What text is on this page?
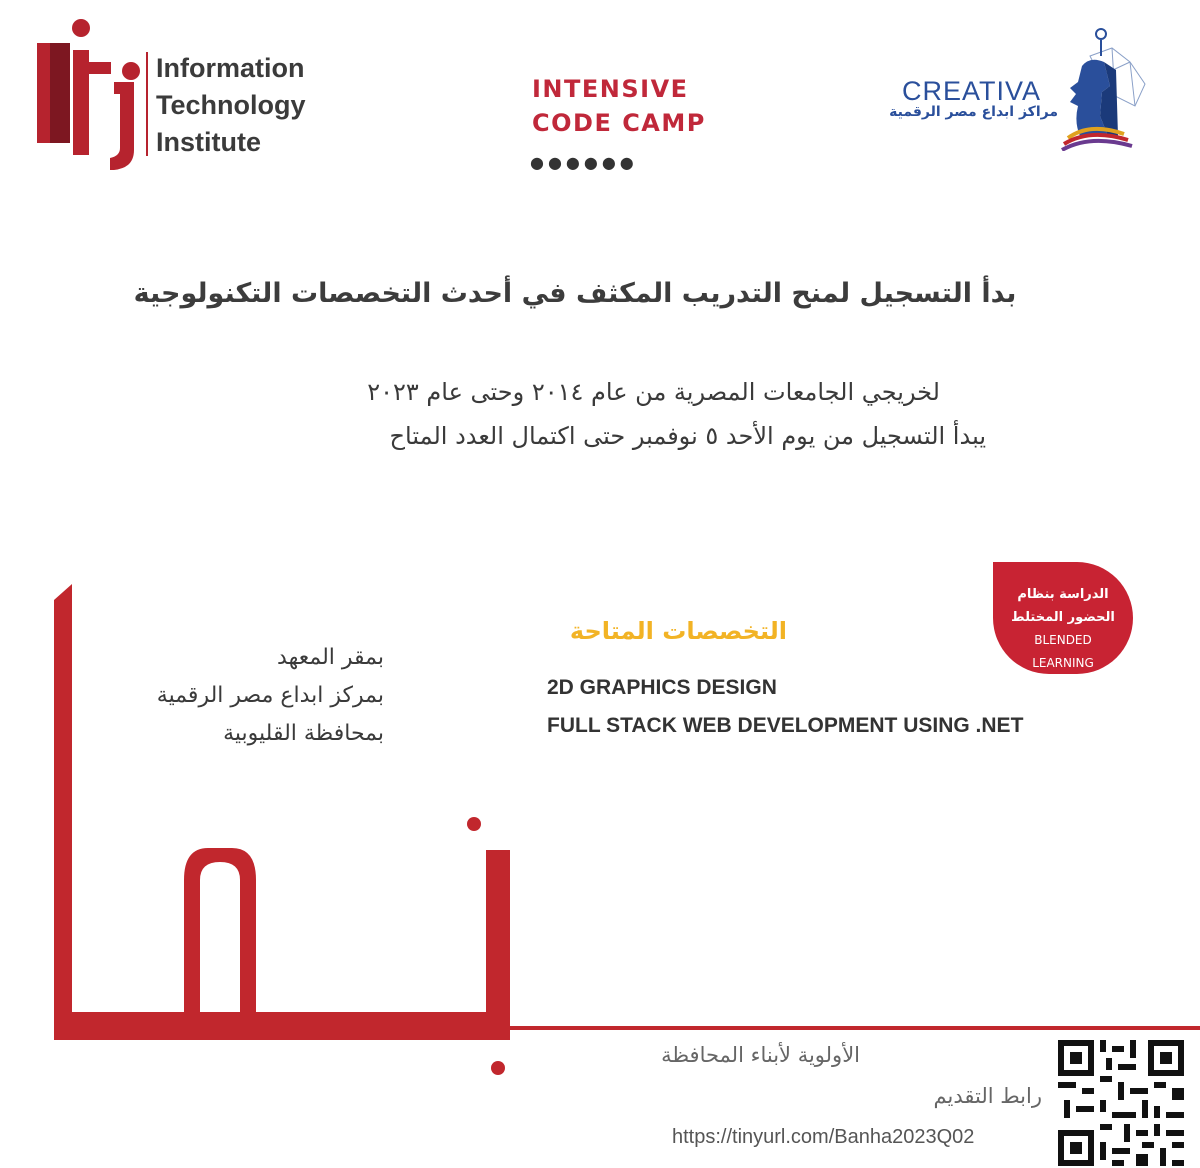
Information
Technology
Institute
INTENSIVE
CODE CAMP
●●●●●●
CREATIVA
مراكز ابداع مصر الرقمية
بدأ التسجيل لمنح التدريب المكثف في أحدث التخصصات التكنولوجية
لخريجي الجامعات المصرية من عام ٢٠١٤ وحتى عام ٢٠٢٣
يبدأ التسجيل من يوم الأحد ٥ نوفمبر حتى اكتمال العدد المتاح
الدراسة بنظام
الحضور المختلط
BLENDED
LEARNING
التخصصات المتاحة
2D GRAPHICS DESIGN
FULL STACK WEB DEVELOPMENT USING .NET
بمقر المعهد
بمركز ابداع مصر الرقمية
بمحافظة القليوبية
الأولوية لأبناء المحافظة
رابط التقديم
https://tinyurl.com/Banha2023Q02
